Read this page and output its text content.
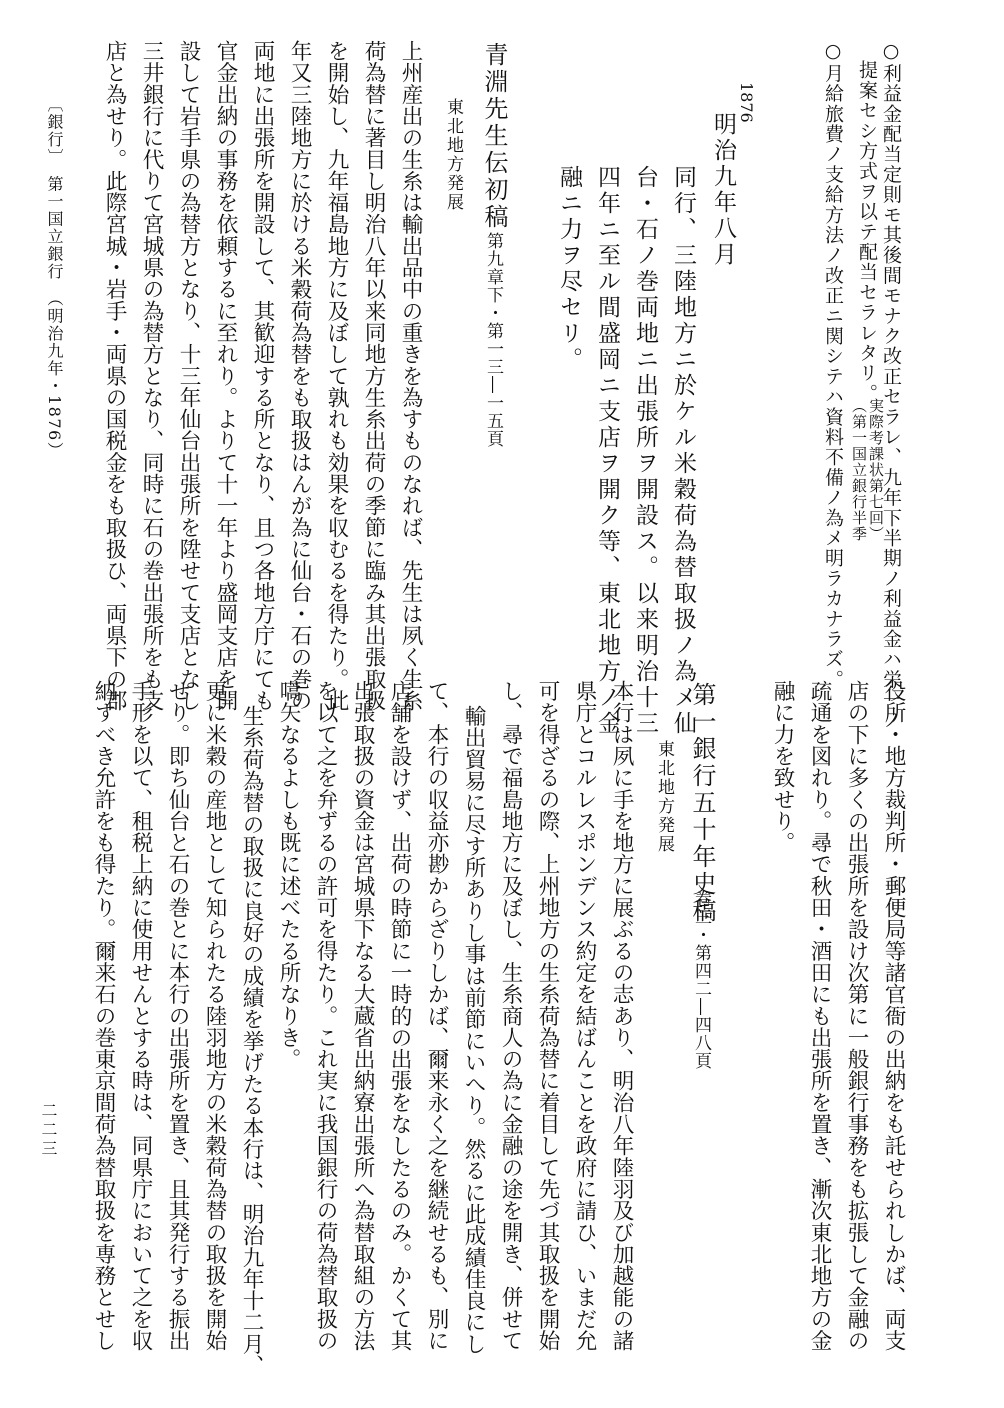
○利益金配当定則モ其後間モナク改正セラレ、九年下半期ノ利益金ハ栄一ノ
提案セシ方式ヲ以テ配当セラレタリ。
（第一国立銀行半季 実際考課状第七回）
○月給旅費ノ支給方法ノ改正ニ関シテハ資料不備ノ為メ明ラカナラズ。
1876
明治九年八月
同行、三陸地方ニ於ケル米穀荷為替取扱ノ為メ仙
台・石ノ巻両地ニ出張所ヲ開設ス。以来明治十三
四年ニ至ル間盛岡ニ支店ヲ開ク等、東北地方ノ金
融ニ力ヲ尽セリ。
青淵先生伝初稿
第九章下・第一三―一五頁
東北地方発展
上州産出の生糸は輸出品中の重きを為すものなれば、先生は夙く生糸
荷為替に著目し明治八年以来同地方生糸出荷の季節に臨み其出張取扱
を開始し、九年福島地方に及ぼして孰れも効果を収むるを得たり。此
年又三陸地方に於ける米穀荷為替をも取扱はんが為に仙台・石の巻の
両地に出張所を開設して、其歓迎する所となり、且つ各地方庁にても
官金出納の事務を依頼するに至れり。よりて十一年より盛岡支店を開
設して岩手県の為替方となり、十三年仙台出張所を陞せて支店となし
三井銀行に代りて宮城県の為替方となり、同時に石の巻出張所をも支
店と為せり。此際宮城・岩手・両県の国税金をも取扱ひ、両県下の郡
役所・地方裁判所・郵便局等諸官衙の出納をも託せられしかば、両支
店の下に多くの出張所を設け次第に一般銀行事務をも拡張して金融の
疏通を図れり。尋で秋田・酒田にも出張所を置き、漸次東北地方の金
融に力を致せり。
第一銀行五十年史稿
巻三・第四二―四八頁
東北地方発展
本行は夙に手を地方に展ぶるの志あり、明治八年陸羽及び加越能の諸
県庁とコルレスポンデンス約定を結ばんことを政府に請ひ、いまだ允
可を得ざるの際、上州地方の生糸荷為替に着目して先づ其取扱を開始
し、尋で福島地方に及ぼし、生糸商人の為に金融の途を開き、併せて
輸出貿易に尽す所ありし事は前節にいへり。然るに此成績佳良にし
て、本行の収益亦尠からざりしかば、爾来永く之を継続せるも、別に
店舗を設けず、出荷の時節に一時的の出張をなしたるのみ。かくて其
出張取扱の資金は宮城県下なる大蔵省出納寮出張所へ為替取組の方法
を以て之を弁ずるの許可を得たり。これ実に我国銀行の荷為替取扱の
嚆矢なるよしも既に述べたる所なりき。
生糸荷為替の取扱に良好の成績を挙げたる本行は、明治九年十二月、
更に米穀の産地として知られたる陸羽地方の米穀荷為替の取扱を開始
せり。即ち仙台と石の巻とに本行の出張所を置き、且其発行する振出
手形を以て、租税上納に使用せんとする時は、同県庁において之を収
納すべき允許をも得たり。爾来石の巻東京間荷為替取扱を専務とせし
〔銀行〕　第一国立銀行　（明治九年・1876）
二二三
